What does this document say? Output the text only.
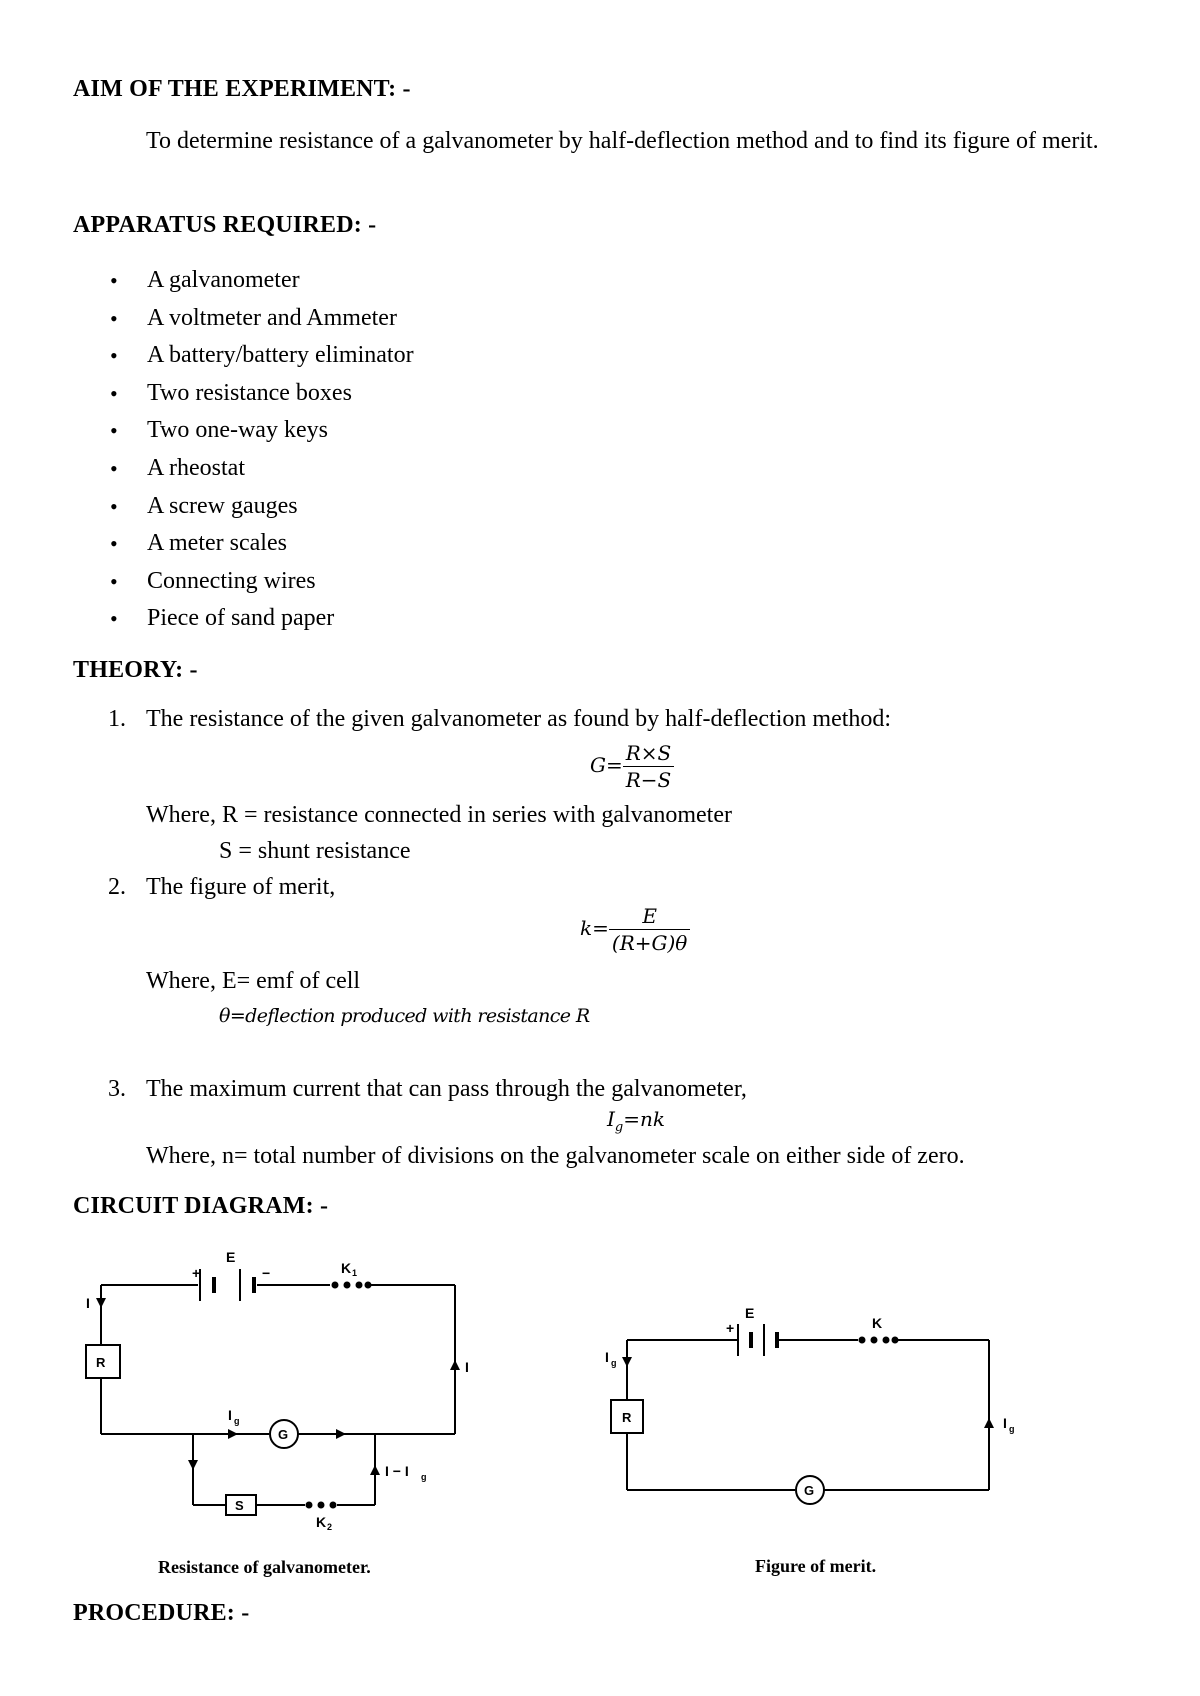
AIM OF THE EXPERIMENT: -
To determine resistance of a galvanometer by half-deflection method and to find its figure of merit.
APPARATUS REQUIRED: -
• A galvanometer
• A voltmeter and Ammeter
• A battery/battery eliminator
• Two resistance boxes
• Two one-way keys
• A rheostat
• A screw gauges
• A meter scales
• Connecting wires
• Piece of sand paper
THEORY: -
1. The resistance of the given galvanometer as found by half-deflection method:
$G= \frac{R\times S}{R-S}$
Where, R = resistance connected in series with galvanometer
S = shunt resistance
2. The figure of merit,
$k= \frac{E}{(R+G)\theta}$
Where, E= emf of cell
θ=deflection produced with resistance R
3. The maximum current that can pass through the galvanometer,
$I_g=nk$
Where, n= total number of divisions on the galvanometer scale on either side of zero.
CIRCUIT DIAGRAM: -
E
+	−	K 1
I
R	I
I g
G
S
K 2
I − I g
E
+	K
I g
R
G
I g
Resistance of galvanometer.	Figure of merit.
PROCEDURE: -
